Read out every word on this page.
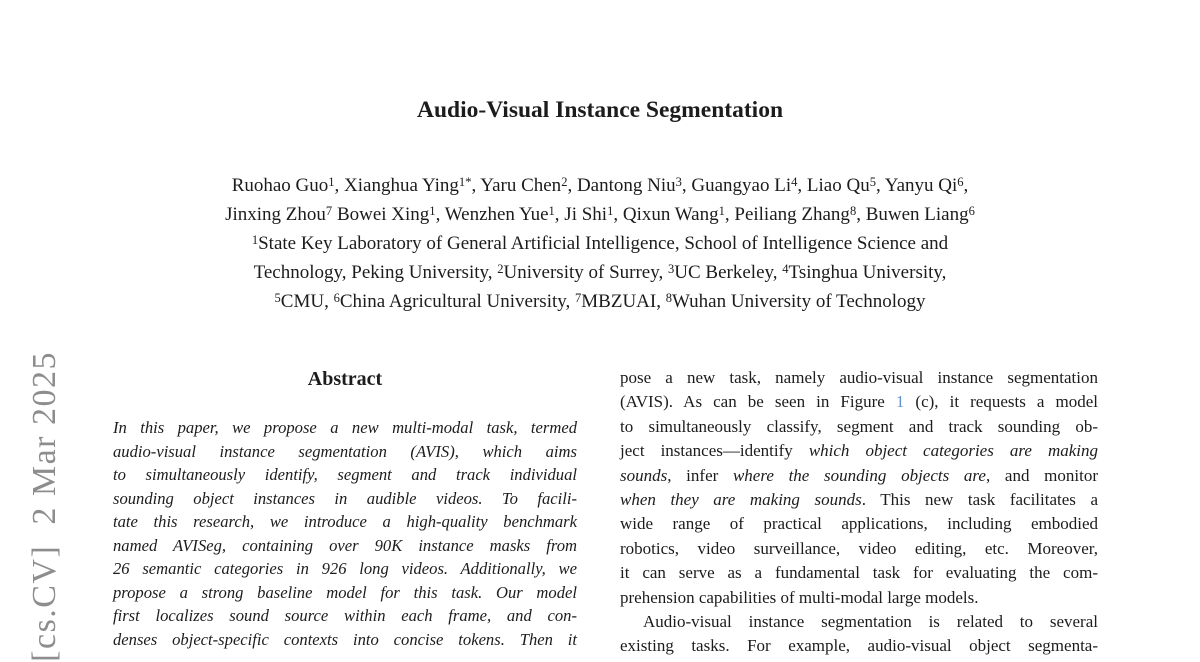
[cs.CV]  2 Mar 2025
Audio-Visual Instance Segmentation
Ruohao Guo$^1$, Xianghua Ying$^{1*}$, Yaru Chen$^2$, Dantong Niu$^3$, Guangyao Li$^4$, Liao Qu$^5$, Yanyu Qi$^6$,
Jinxing Zhou$^7$ Bowei Xing$^1$, Wenzhen Yue$^1$, Ji Shi$^1$, Qixun Wang$^1$, Peiliang Zhang$^8$, Buwen Liang$^6$
$^1$State Key Laboratory of General Artificial Intelligence, School of Intelligence Science and
Technology, Peking University, $^2$University of Surrey, $^3$UC Berkeley, $^4$Tsinghua University,
$^5$CMU, $^6$China Agricultural University, $^7$MBZUAI, $^8$Wuhan University of Technology
Abstract
In this paper, we propose a new multi-modal task, termed
audio-visual instance segmentation (AVIS), which aims
to simultaneously identify, segment and track individual
sounding object instances in audible videos. To facili-
tate this research, we introduce a high-quality benchmark
named AVISeg, containing over 90K instance masks from
26 semantic categories in 926 long videos. Additionally, we
propose a strong baseline model for this task. Our model
first localizes sound source within each frame, and con-
denses object-specific contexts into concise tokens. Then it
pose a new task, namely audio-visual instance segmentation
(AVIS). As can be seen in Figure 1 (c), it requests a model
to simultaneously classify, segment and track sounding ob-
ject instances—identify which object categories are making
sounds, infer where the sounding objects are, and monitor
when they are making sounds. This new task facilitates a
wide range of practical applications, including embodied
robotics, video surveillance, video editing, etc. Moreover,
it can serve as a fundamental task for evaluating the com-
prehension capabilities of multi-modal large models.
Audio-visual instance segmentation is related to several
existing tasks. For example, audio-visual object segmenta-
